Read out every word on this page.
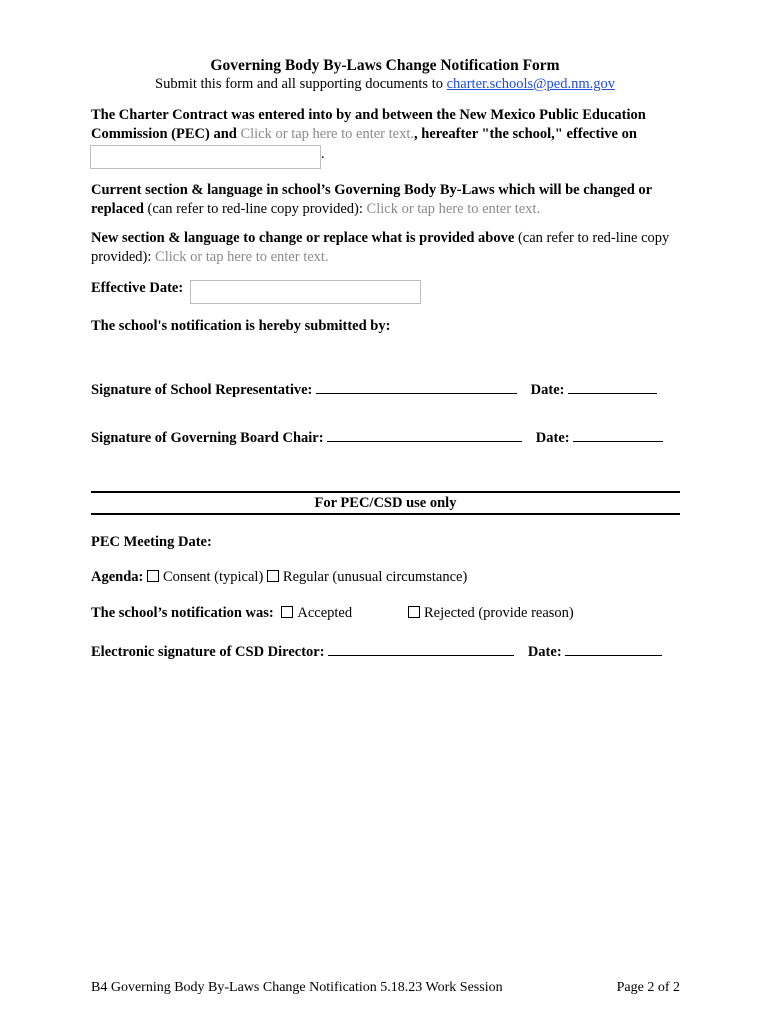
Governing Body By-Laws Change Notification Form
Submit this form and all supporting documents to charter.schools@ped.nm.gov
The Charter Contract was entered into by and between the New Mexico Public Education Commission (PEC) and Click or tap here to enter text., hereafter "the school," effective on
.
Current section & language in school’s Governing Body By-Laws which will be changed or replaced (can refer to red-line copy provided): Click or tap here to enter text.
New section & language to change or replace what is provided above (can refer to red-line copy provided): Click or tap here to enter text.
Effective Date:
The school's notification is hereby submitted by:
Signature of School Representative:	Date:
Signature of Governing Board Chair:	Date:
For PEC/CSD use only
PEC Meeting Date:
Agenda: Consent (typical) Regular (unusual circumstance)
The school’s notification was: Accepted	Rejected (provide reason)
Electronic signature of CSD Director:	Date:
B4 Governing Body By-Laws Change Notification 5.18.23 Work Session	Page 2 of 2
